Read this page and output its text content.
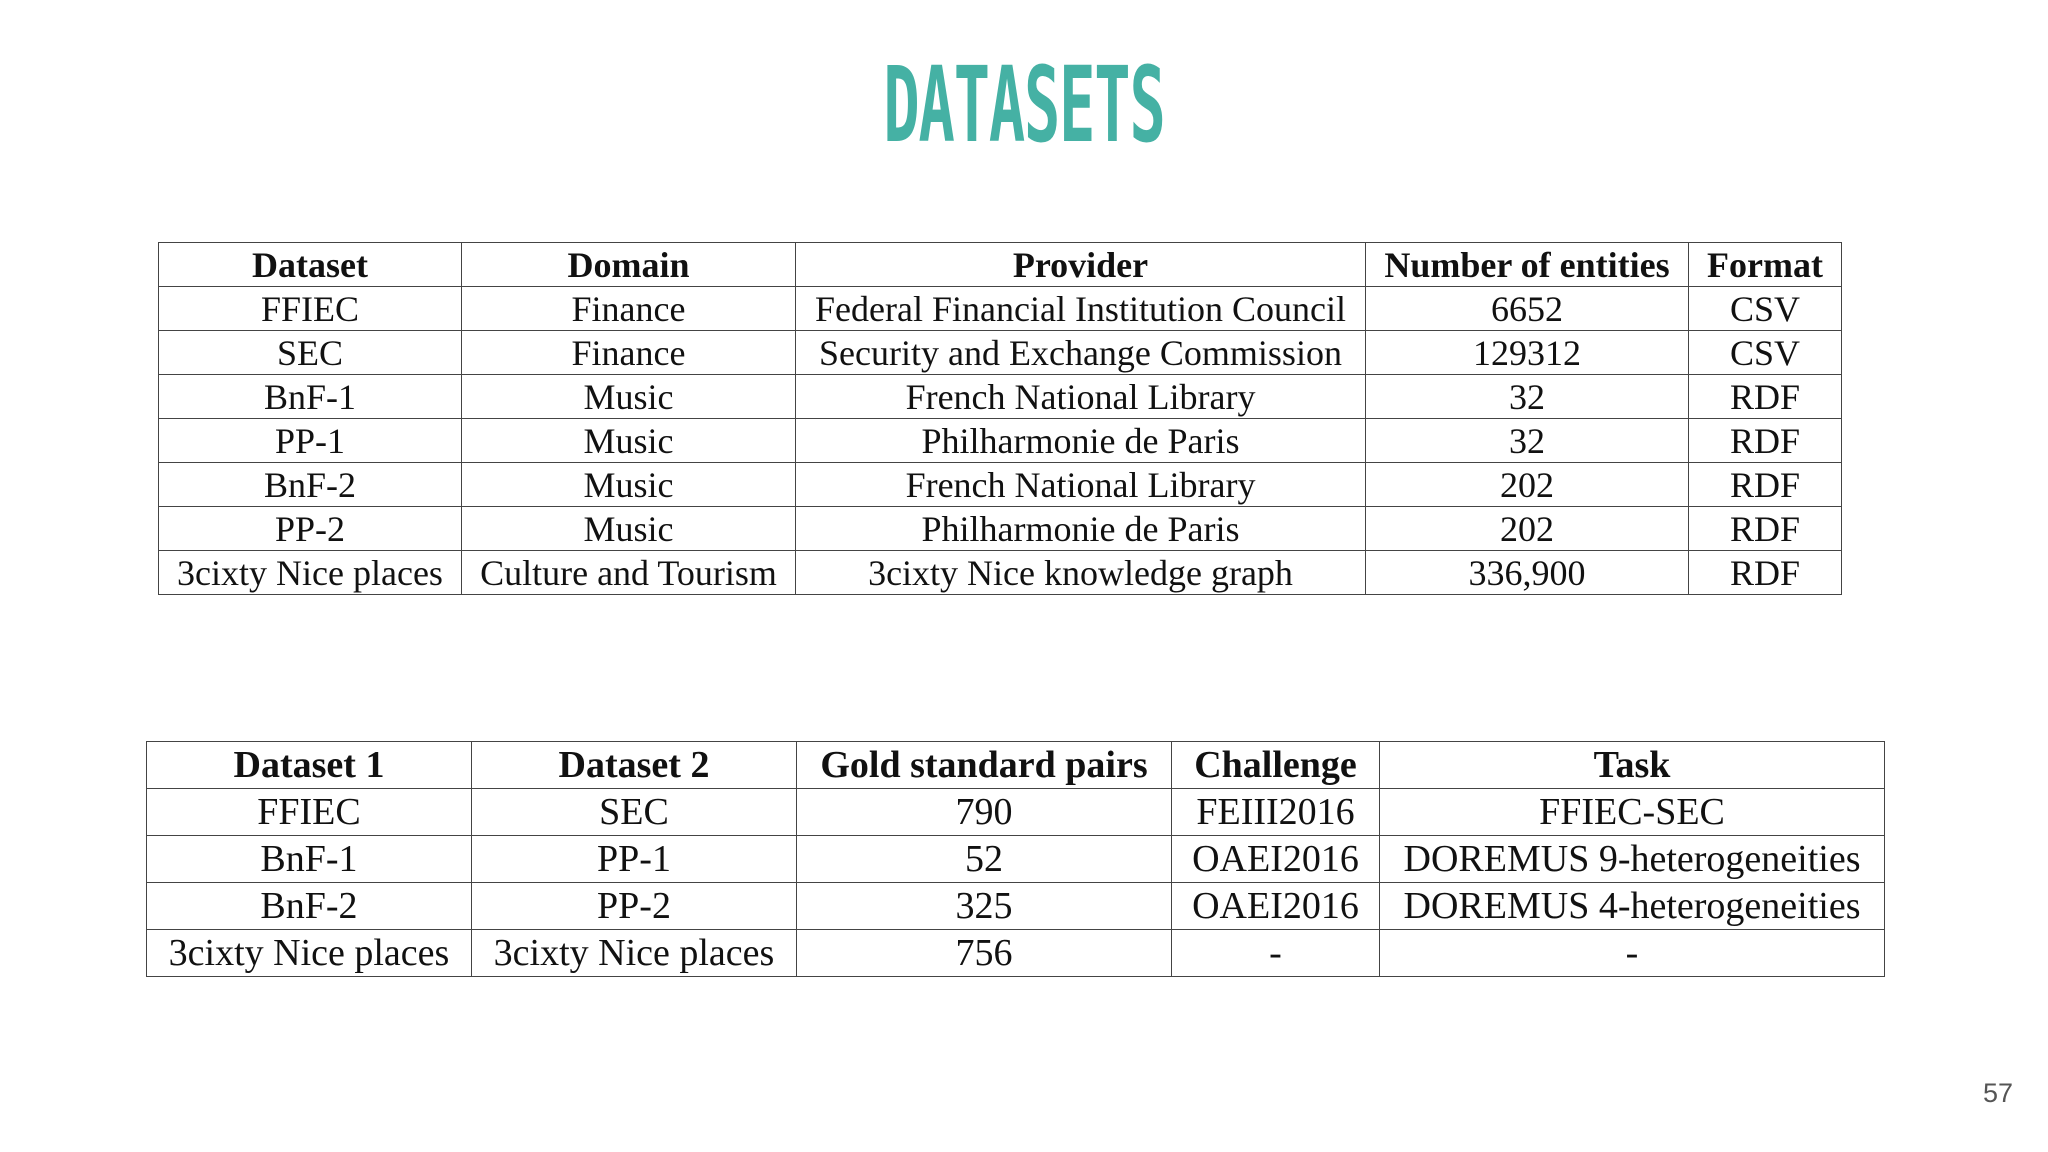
DATASETS
Dataset	Domain	Provider	Number of entities	Format
FFIEC	Finance	Federal Financial Institution Council	6652	CSV
SEC	Finance	Security and Exchange Commission	129312	CSV
BnF-1	Music	French National Library	32	RDF
PP-1	Music	Philharmonie de Paris	32	RDF
BnF-2	Music	French National Library	202	RDF
PP-2	Music	Philharmonie de Paris	202	RDF
3cixty Nice places	Culture and Tourism	3cixty Nice knowledge graph	336,900	RDF
Dataset 1	Dataset 2	Gold standard pairs	Challenge	Task
FFIEC	SEC	790	FEIII2016	FFIEC-SEC
BnF-1	PP-1	52	OAEI2016	DOREMUS 9-heterogeneities
BnF-2	PP-2	325	OAEI2016	DOREMUS 4-heterogeneities
3cixty Nice places	3cixty Nice places	756	-	-
57
